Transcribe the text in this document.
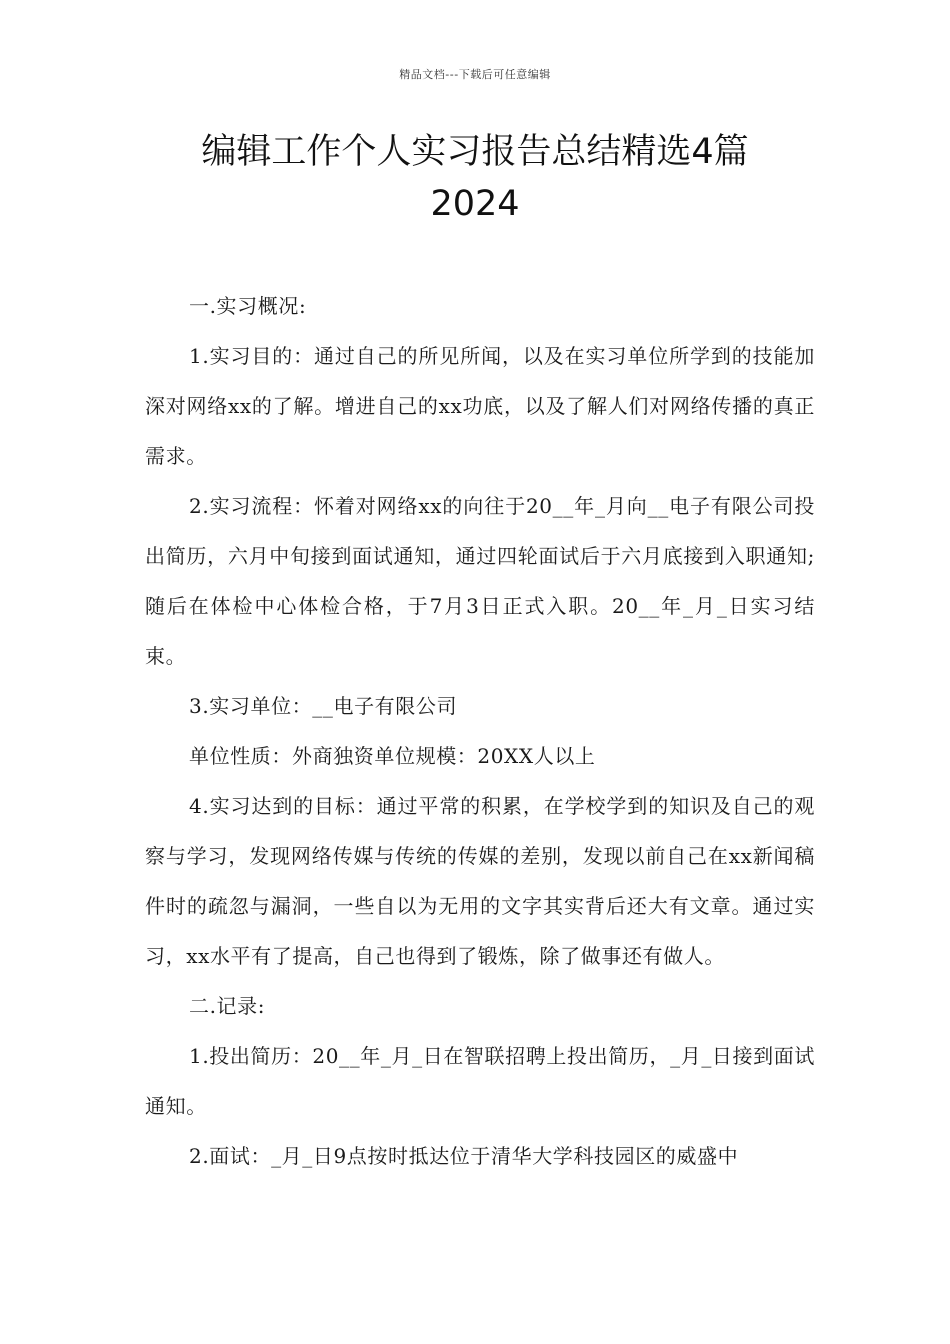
精品文档---下载后可任意编辑
编辑工作个人实习报告总结精选4篇
2024

一.实习概况:

1.实习目的：通过自己的所见所闻，以及在实习单位所学到的技能加深对网络xx的了解。增进自己的xx功底，以及了解人们对网络传播的真正需求。

2.实习流程：怀着对网络xx的向往于20__年_月向__电子有限公司投出简历，六月中旬接到面试通知，通过四轮面试后于六月底接到入职通知;随后在体检中心体检合格，于7月3日正式入职。20__年_月_日实习结束。

3.实习单位：__电子有限公司

单位性质：外商独资单位规模：20XX人以上

4.实习达到的目标：通过平常的积累，在学校学到的知识及自己的观察与学习，发现网络传媒与传统的传媒的差别，发现以前自己在xx新闻稿件时的疏忽与漏洞，一些自以为无用的文字其实背后还大有文章。通过实习，xx水平有了提高，自己也得到了锻炼，除了做事还有做人。

二.记录:

1.投出简历：20__年_月_日在智联招聘上投出简历，_月_日接到面试通知。

2.面试：_月_日9点按时抵达位于清华大学科技园区的威盛中
